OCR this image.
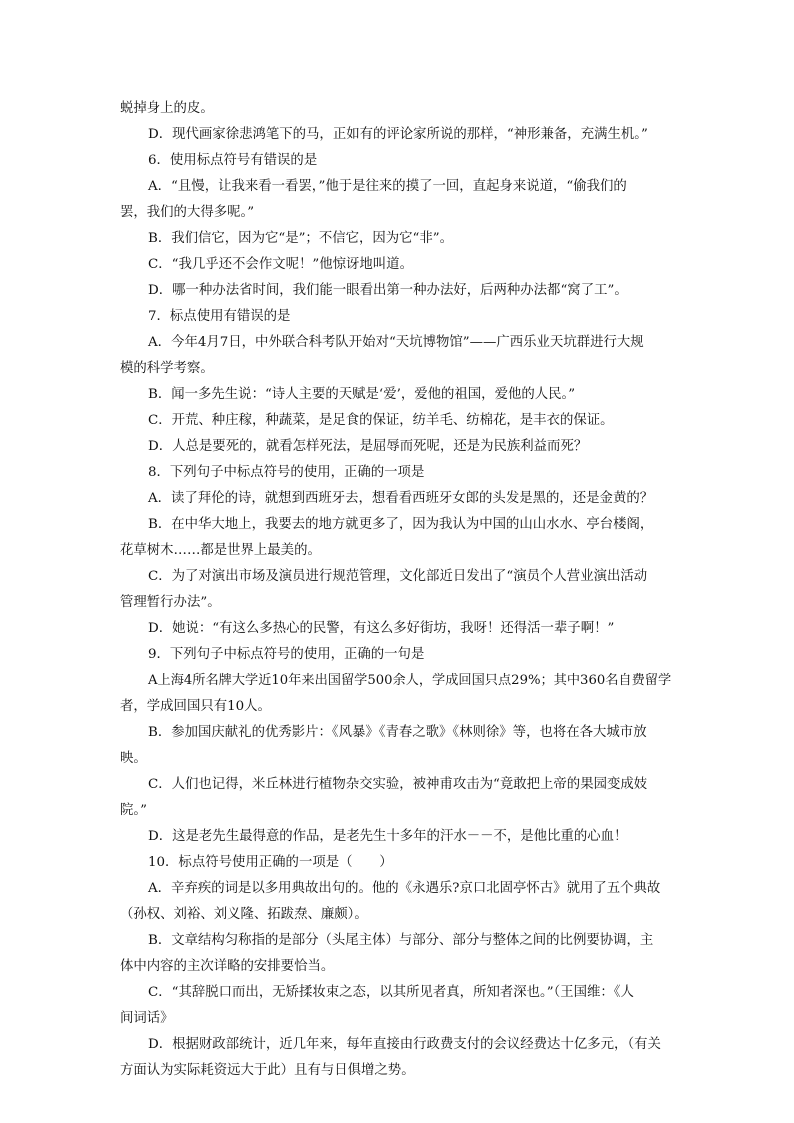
蜕掉身上的皮。
D．现代画家徐悲鸿笔下的马，正如有的评论家所说的那样，“神形兼备，充满生机。”
6．使用标点符号有错误的是
A．“且慢，让我来看一看罢，”他于是往来的摸了一回，直起身来说道，“偷我们的
罢，我们的大得多呢。”
B．我们信它，因为它“是”；不信它，因为它“非”。
C．“我几乎还不会作文呢！”他惊讶地叫道。
D．哪一种办法省时间，我们能一眼看出第一种办法好，后两种办法都“窝了工”。
7．标点使用有错误的是
A．今年4月7日，中外联合科考队开始对“天坑博物馆”——广西乐业天坑群进行大规
模的科学考察。
B．闻一多先生说：“诗人主要的天赋是‘爱’，爱他的祖国，爱他的人民。”
C．开荒、种庄稼，种蔬菜，是足食的保证，纺羊毛、纺棉花，是丰衣的保证。
D．人总是要死的，就看怎样死法，是屈辱而死呢，还是为民族利益而死？
8．下列句子中标点符号的使用，正确的一项是
A．读了拜伦的诗，就想到西班牙去，想看看西班牙女郎的头发是黑的，还是金黄的？
B．在中华大地上，我要去的地方就更多了，因为我认为中国的山山水水、亭台楼阁，
花草树木……都是世界上最美的。
C．为了对演出市场及演员进行规范管理，文化部近日发出了“演员个人营业演出活动
管理暂行办法”。
D．她说：“有这么多热心的民警，有这么多好街坊，我呀！还得活一辈子啊！”
9．下列句子中标点符号的使用，正确的一句是
A上海4所名牌大学近10年来出国留学500余人，学成回国只点29%；其中360名自费留学
者，学成回国只有10人。
B．参加国庆献礼的优秀影片：《风暴》《青春之歌》《林则徐》等，也将在各大城市放
映。
C．人们也记得，米丘林进行植物杂交实验，被神甫攻击为“竟敢把上帝的果园变成妓
院。”
D．这是老先生最得意的作品，是老先生十多年的汗水－－不，是他比重的心血！
10．标点符号使用正确的一项是（　　）
A．辛弃疾的词是以多用典故出句的。他的《永遇乐?京口北固亭怀古》就用了五个典故
（孙权、刘裕、刘义隆、拓跋焘、廉颇）。
B．文章结构匀称指的是部分（头尾主体）与部分、部分与整体之间的比例要协调，主
体中内容的主次详略的安排要恰当。
C．“其辞脱口而出，无矫揉妆束之态，以其所见者真，所知者深也。”（王国维：《人
间词话》
D．根据财政部统计，近几年来，每年直接由行政费支付的会议经费达十亿多元，（有关
方面认为实际耗资远大于此）且有与日俱增之势。
